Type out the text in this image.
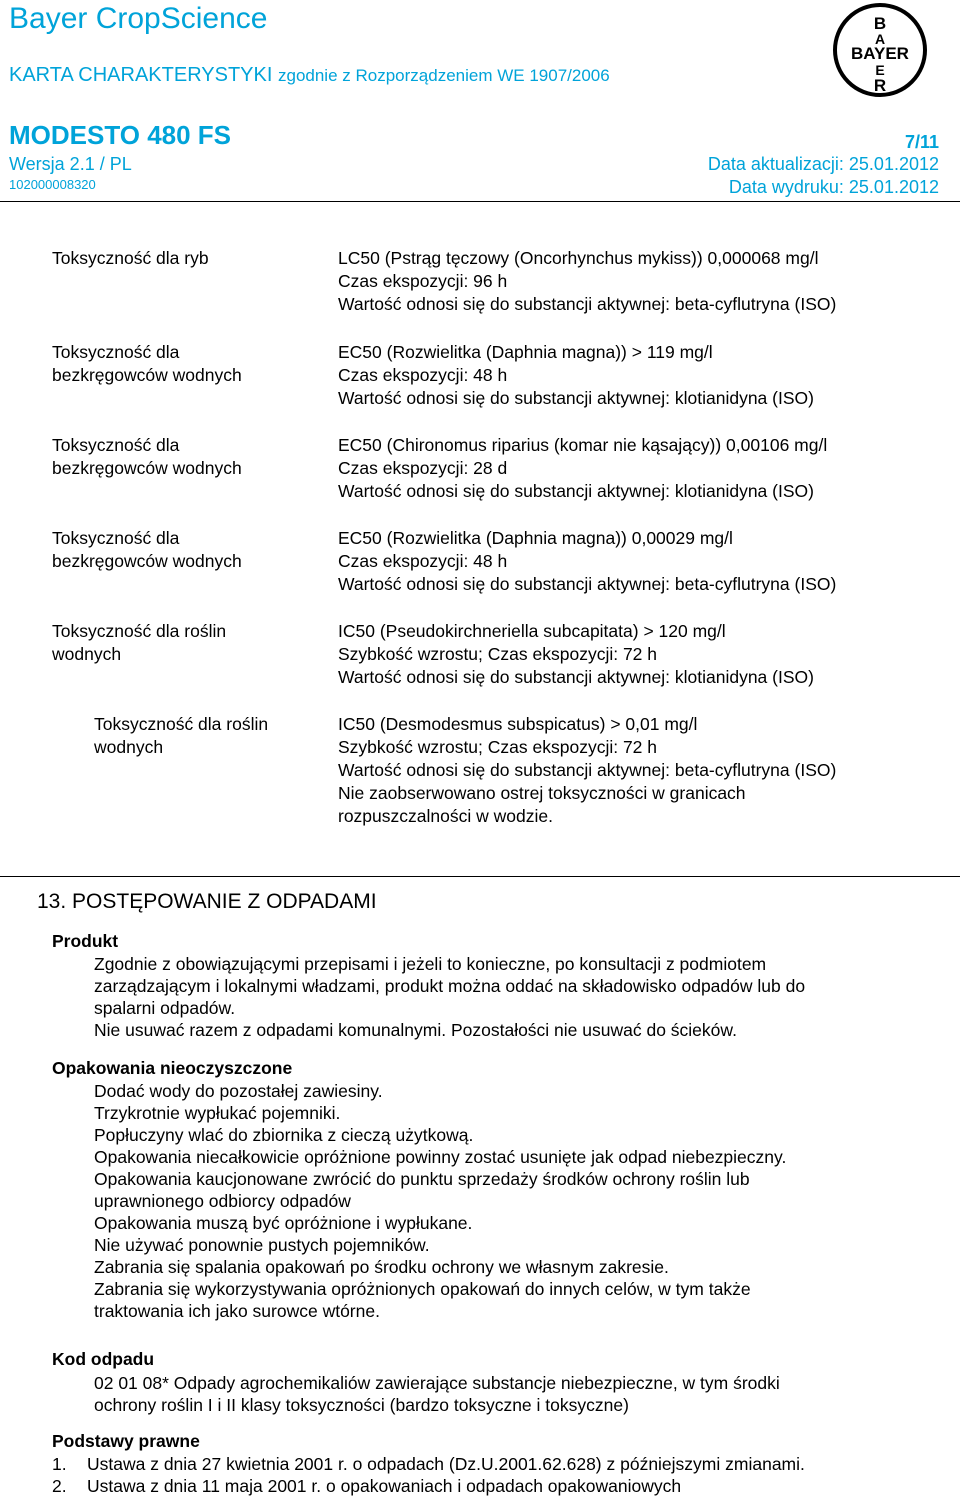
Bayer CropScience
KARTA CHARAKTERYSTYKI zgodnie z Rozporządzeniem WE 1907/2006
MODESTO 480 FS	7/11
Wersja 2.1 / PL
102000008320
Data aktualizacji: 25.01.2012
Data wydruku: 25.01.2012
B
A
BAYER
E
R
Toksyczność dla ryb	LC50 (Pstrąg tęczowy (Oncorhynchus mykiss)) 0,000068 mg/l
Czas ekspozycji: 96 h
Wartość odnosi się do substancji aktywnej: beta-cyflutryna (ISO)
Toksyczność dla
bezkręgowców wodnych
EC50 (Rozwielitka (Daphnia magna)) > 119 mg/l
Czas ekspozycji: 48 h
Wartość odnosi się do substancji aktywnej: klotianidyna (ISO)
Toksyczność dla
bezkręgowców wodnych
EC50 (Chironomus riparius (komar nie kąsający)) 0,00106 mg/l
Czas ekspozycji: 28 d
Wartość odnosi się do substancji aktywnej: klotianidyna (ISO)
Toksyczność dla
bezkręgowców wodnych
EC50 (Rozwielitka (Daphnia magna)) 0,00029 mg/l
Czas ekspozycji: 48 h
Wartość odnosi się do substancji aktywnej: beta-cyflutryna (ISO)
Toksyczność dla roślin
wodnych
IC50 (Pseudokirchneriella subcapitata) > 120 mg/l
Szybkość wzrostu; Czas ekspozycji: 72 h
Wartość odnosi się do substancji aktywnej: klotianidyna (ISO)
Toksyczność dla roślin
wodnych
IC50 (Desmodesmus subspicatus) > 0,01 mg/l
Szybkość wzrostu; Czas ekspozycji: 72 h
Wartość odnosi się do substancji aktywnej: beta-cyflutryna (ISO)
Nie zaobserwowano ostrej toksyczności w granicach
rozpuszczalności w wodzie.
13. POSTĘPOWANIE Z ODPADAMI
Produkt
Zgodnie z obowiązującymi przepisami i jeżeli to konieczne, po konsultacji z podmiotem
zarządzającym i lokalnymi władzami, produkt można oddać na składowisko odpadów lub do
spalarni odpadów.
Nie usuwać razem z odpadami komunalnymi. Pozostałości nie usuwać do ścieków.
Opakowania nieoczyszczone
Dodać wody do pozostałej zawiesiny.
Trzykrotnie wypłukać pojemniki.
Popłuczyny wlać do zbiornika z cieczą użytkową.
Opakowania niecałkowicie opróżnione powinny zostać usunięte jak odpad niebezpieczny.
Opakowania kaucjonowane zwrócić do punktu sprzedaży środków ochrony roślin lub
uprawnionego odbiorcy odpadów
Opakowania muszą być opróżnione i wypłukane.
Nie używać ponownie pustych pojemników.
Zabrania się spalania opakowań po środku ochrony we własnym zakresie.
Zabrania się wykorzystywania opróżnionych opakowań do innych celów, w tym także
traktowania ich jako surowce wtórne.
Kod odpadu
02 01 08* Odpady agrochemikaliów zawierające substancje niebezpieczne, w tym środki
ochrony roślin I i II klasy toksyczności (bardzo toksyczne i toksyczne)
Podstawy prawne
1. Ustawa z dnia 27 kwietnia 2001 r. o odpadach (Dz.U.2001.62.628) z późniejszymi zmianami.
2. Ustawa z dnia 11 maja 2001 r. o opakowaniach i odpadach opakowaniowych
